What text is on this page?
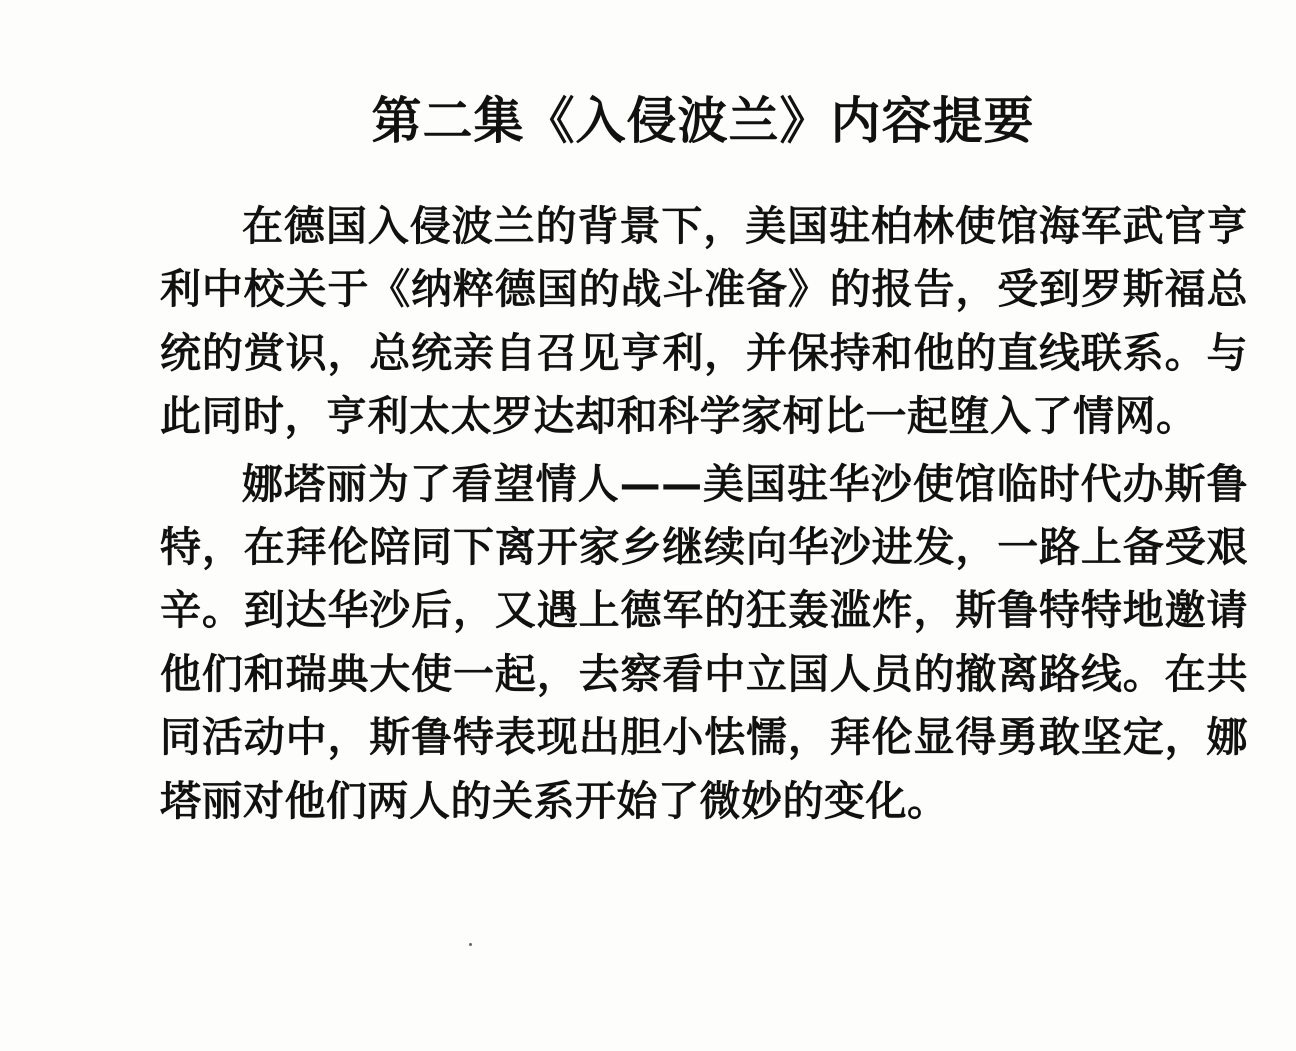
第二集《入侵波兰》内容提要

在德国入侵波兰的背景下，美国驻柏林使馆海军武官亨利中校关于《纳粹德国的战斗准备》的报告，受到罗斯福总统的赏识，总统亲自召见亨利，并保持和他的直线联系。与此同时，亨利太太罗达却和科学家柯比一起堕入了情网。

娜塔丽为了看望情人——美国驻华沙使馆临时代办斯鲁特，在拜伦陪同下离开家乡继续向华沙进发，一路上备受艰辛。到达华沙后，又遇上德军的狂轰滥炸，斯鲁特特地邀请他们和瑞典大使一起，去察看中立国人员的撤离路线。在共同活动中，斯鲁特表现出胆小怯懦，拜伦显得勇敢坚定，娜塔丽对他们两人的关系开始了微妙的变化。
